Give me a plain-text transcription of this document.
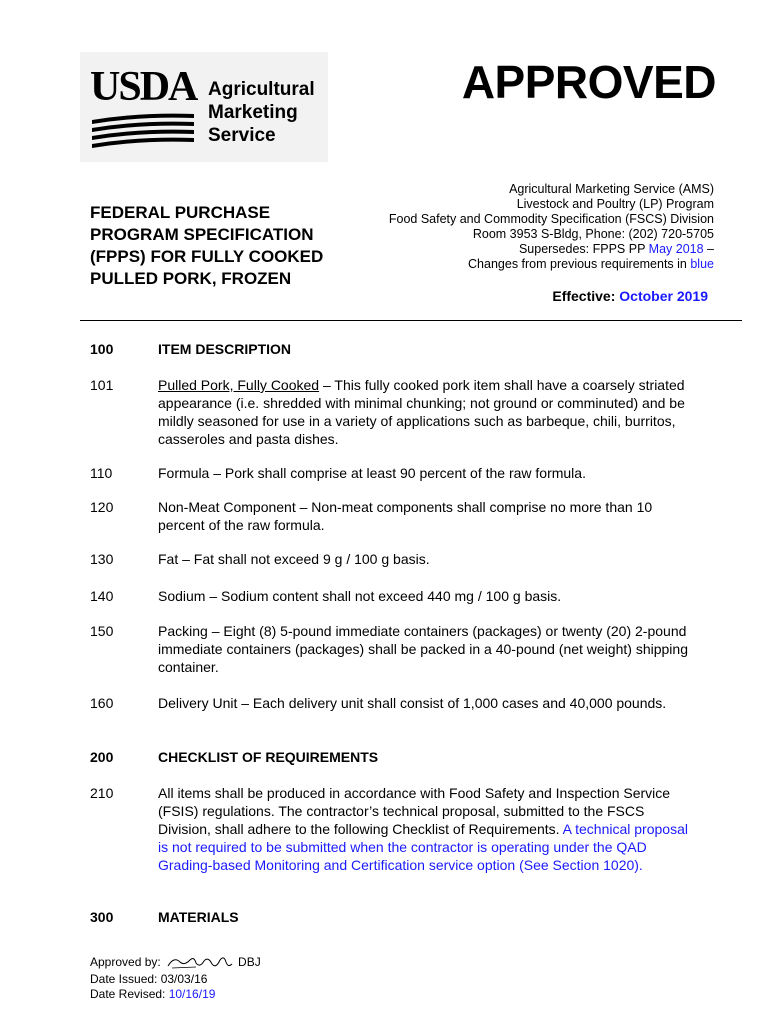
USDA Agricultural
Marketing
Service
APPROVED
Agricultural Marketing Service (AMS)
Livestock and Poultry (LP) Program
Food Safety and Commodity Specification (FSCS) Division
Room 3953 S-Bldg, Phone: (202) 720-5705
Supersedes: FPPS PP May 2018 –
Changes from previous requirements in blue
FEDERAL PURCHASE PROGRAM SPECIFICATION (FPPS) FOR FULLY COOKED PULLED PORK, FROZEN
Effective: October 2019
100	ITEM DESCRIPTION
101	Pulled Pork, Fully Cooked – This fully cooked pork item shall have a coarsely striated appearance (i.e. shredded with minimal chunking; not ground or comminuted) and be mildly seasoned for use in a variety of applications such as barbeque, chili, burritos, casseroles and pasta dishes.
110	Formula – Pork shall comprise at least 90 percent of the raw formula.
120	Non-Meat Component – Non-meat components shall comprise no more than 10 percent of the raw formula.
130	Fat – Fat shall not exceed 9 g / 100 g basis.
140	Sodium – Sodium content shall not exceed 440 mg / 100 g basis.
150	Packing – Eight (8) 5-pound immediate containers (packages) or twenty (20) 2-pound immediate containers (packages) shall be packed in a 40-pound (net weight) shipping container.
160	Delivery Unit – Each delivery unit shall consist of 1,000 cases and 40,000 pounds.
200	CHECKLIST OF REQUIREMENTS
210	All items shall be produced in accordance with Food Safety and Inspection Service (FSIS) regulations. The contractor’s technical proposal, submitted to the FSCS Division, shall adhere to the following Checklist of Requirements. A technical proposal is not required to be submitted when the contractor is operating under the QAD Grading-based Monitoring and Certification service option (See Section 1020).
300	MATERIALS
Approved by:	DBJ
Date Issued: 03/03/16
Date Revised: 10/16/19
